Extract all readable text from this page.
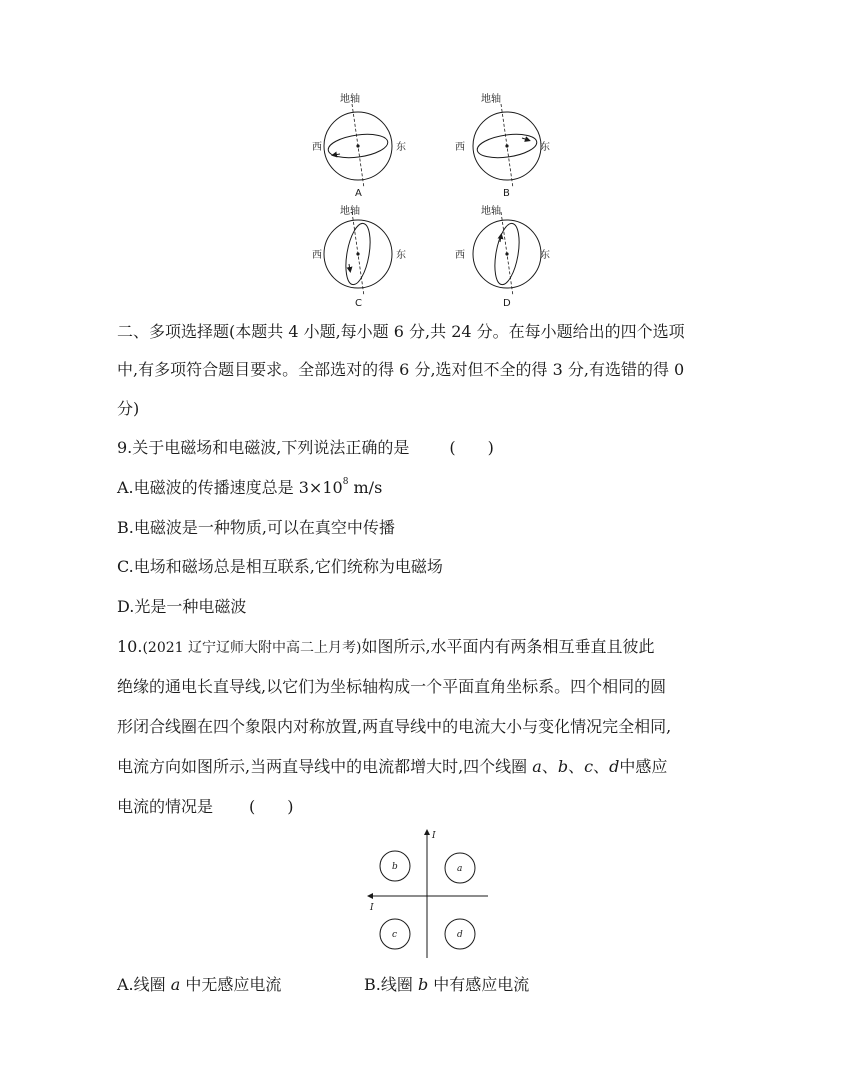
地轴
西	东
A
地轴
西	东
B
地轴
西	东
C
地轴
西	东
D
二、多项选择题(本题共 4 小题,每小题 6 分,共 24 分。在每小题给出的四个选项
中,有多项符合题目要求。全部选对的得 6 分,选对但不全的得 3 分,有选错的得 0
分)
9.关于电磁场和电磁波,下列说法正确的是	(　　)
A.电磁波的传播速度总是 $3\times 10^8$ m/s
B.电磁波是一种物质,可以在真空中传播
C.电场和磁场总是相互联系,它们统称为电磁场
D.光是一种电磁波
10.(2021 辽宁辽师大附中高二上月考)如图所示,水平面内有两条相互垂直且彼此
绝缘的通电长直导线,以它们为坐标轴构成一个平面直角坐标系。四个相同的圆
形闭合线圈在四个象限内对称放置,两直导线中的电流大小与变化情况完全相同,
电流方向如图所示,当两直导线中的电流都增大时,四个线圈 a、b、c、d中感应
电流的情况是 (　　)
I
I
a
b
c	d
A.线圈 a 中无感应电流	B.线圈 b 中有感应电流
